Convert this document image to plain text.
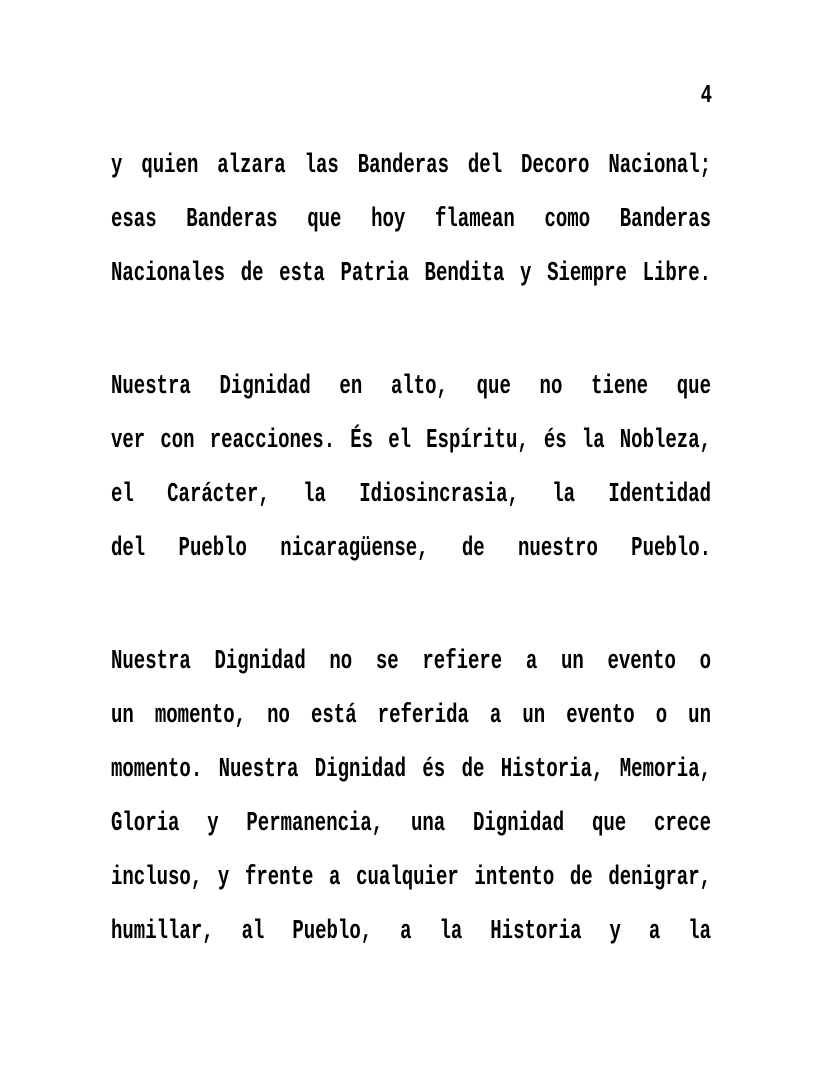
4
y quien alzara las Banderas del Decoro Nacional;
esas Banderas que hoy flamean como Banderas
Nacionales de esta Patria Bendita y Siempre Libre.
Nuestra Dignidad en alto, que no tiene que
ver con reacciones. És el Espíritu, és la Nobleza,
el Carácter, la Idiosincrasia, la Identidad
del Pueblo nicaragüense, de nuestro Pueblo.
Nuestra Dignidad no se refiere a un evento o
un momento, no está referida a un evento o un
momento. Nuestra Dignidad és de Historia, Memoria,
Gloria y Permanencia, una Dignidad que crece
incluso, y frente a cualquier intento de denigrar,
humillar, al Pueblo, a la Historia y a la
